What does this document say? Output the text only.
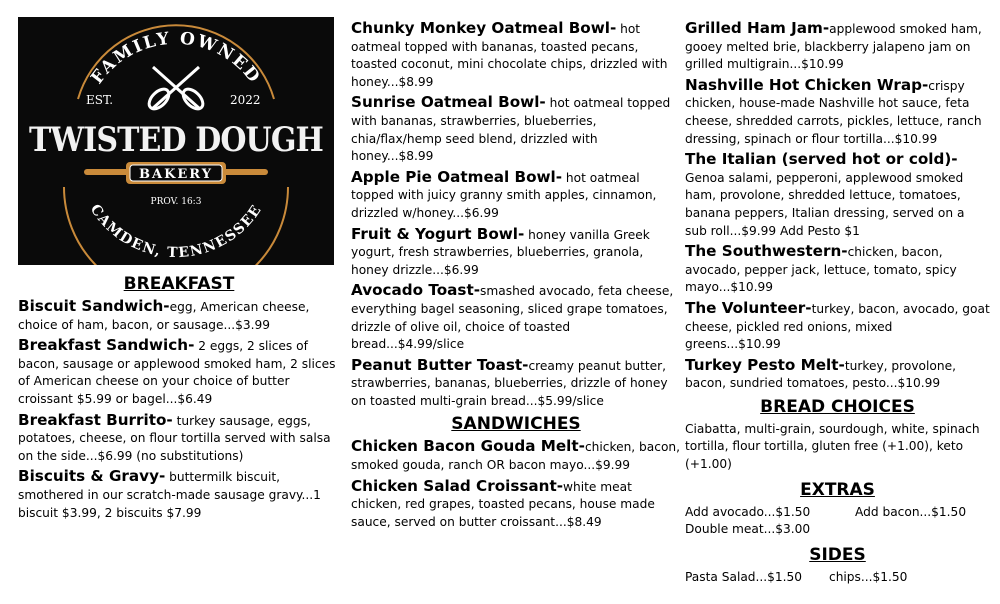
FAMILY OWNED
EST.	2022
TWISTED DOUGH
BAKERY
PROV. 16:3
CAMDEN, TENNESSEE
BREAKFAST
Biscuit Sandwich-egg, American cheese, choice of ham, bacon, or sausage...$3.99
Breakfast Sandwich- 2 eggs, 2 slices of bacon, sausage or applewood smoked ham, 2 slices of American cheese on your choice of butter croissant $5.99 or bagel...$6.49
Breakfast Burrito- turkey sausage, eggs, potatoes, cheese, on flour tortilla served with salsa on the side...$6.99 (no substitutions)
Biscuits & Gravy- buttermilk biscuit, smothered in our scratch-made sausage gravy...1 biscuit $3.99, 2 biscuits $7.99
Chunky Monkey Oatmeal Bowl- hot oatmeal topped with bananas, toasted pecans, toasted coconut, mini chocolate chips, drizzled with honey...$8.99
Sunrise Oatmeal Bowl- hot oatmeal topped with bananas, strawberries, blueberries, chia/flax/hemp seed blend, drizzled with honey...$8.99
Apple Pie Oatmeal Bowl- hot oatmeal topped with juicy granny smith apples, cinnamon, drizzled w/honey...$6.99
Fruit & Yogurt Bowl- honey vanilla Greek yogurt, fresh strawberries, blueberries, granola, honey drizzle...$6.99
Avocado Toast-smashed avocado, feta cheese, everything bagel seasoning, sliced grape tomatoes, drizzle of olive oil, choice of toasted bread...$4.99/slice
Peanut Butter Toast-creamy peanut butter, strawberries, bananas, blueberries, drizzle of honey on toasted multi-grain bread...$5.99/slice
SANDWICHES
Chicken Bacon Gouda Melt-chicken, bacon, smoked gouda, ranch OR bacon mayo...$9.99
Chicken Salad Croissant-white meat chicken, red grapes, toasted pecans, house made sauce, served on butter croissant...$8.49
Grilled Ham Jam-applewood smoked ham, gooey melted brie, blackberry jalapeno jam on grilled multigrain...$10.99
Nashville Hot Chicken Wrap-crispy chicken, house-made Nashville hot sauce, feta cheese, shredded carrots, pickles, lettuce, ranch dressing, spinach or flour tortilla...$10.99
The Italian (served hot or cold)-
Genoa salami, pepperoni, applewood smoked ham, provolone, shredded lettuce, tomatoes, banana peppers, Italian dressing, served on a sub roll...$9.99 Add Pesto $1
The Southwestern-chicken, bacon, avocado, pepper jack, lettuce, tomato, spicy mayo...$10.99
The Volunteer-turkey, bacon, avocado, goat cheese, pickled red onions, mixed greens...$10.99
Turkey Pesto Melt-turkey, provolone, bacon, sundried tomatoes, pesto...$10.99
BREAD CHOICES
Ciabatta, multi-grain, sourdough, white, spinach tortilla, flour tortilla, gluten free (+1.00), keto (+1.00)
EXTRAS
Add avocado...$1.50	Add bacon...$1.50
Double meat...$3.00
SIDES
Pasta Salad...$1.50	chips...$1.50
